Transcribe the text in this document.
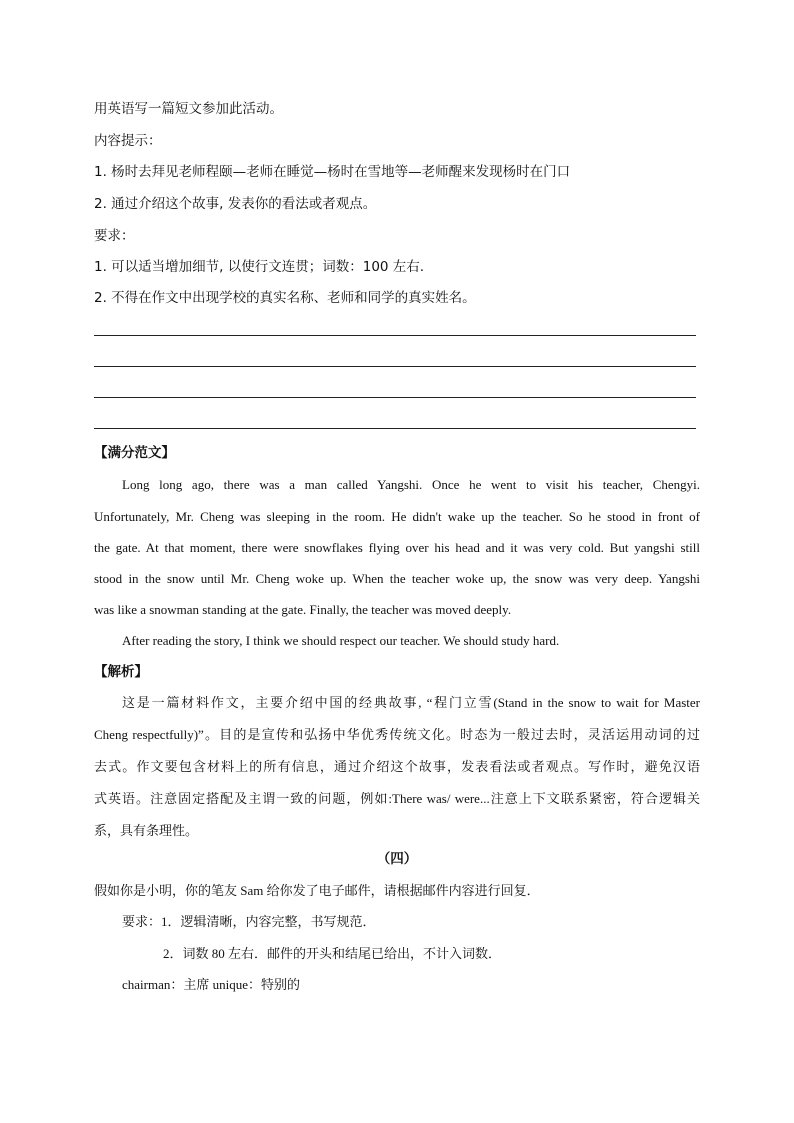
用英语写一篇短文参加此活动。

内容提示：

1. 杨时去拜见老师程颐—老师在睡觉—杨时在雪地等—老师醒来发现杨时在门口

2. 通过介绍这个故事, 发表你的看法或者观点。

要求：

1. 可以适当增加细节, 以使行文连贯；词数：100 左右.

2. 不得在作文中出现学校的真实名称、老师和同学的真实姓名。

【满分范文】

Long long ago, there was a man called Yangshi. Once he went to visit his teacher, Chengyi.

Unfortunately, Mr. Cheng was sleeping in the room. He didn't wake up the teacher. So he stood in front of

the gate. At that moment, there were snowflakes flying over his head and it was very cold. But yangshi still

stood in the snow until Mr. Cheng woke up. When the teacher woke up, the snow was very deep. Yangshi

was like a snowman standing at the gate. Finally, the teacher was moved deeply.

After reading the story, I think we should respect our teacher. We should study hard.

【解析】

这是一篇材料作文，主要介绍中国的经典故事, “程门立雪(Stand in the snow to wait for Master

Cheng respectfully)”。目的是宣传和弘扬中华优秀传统文化。时态为一般过去时，灵活运用动词的过

去式。作文要包含材料上的所有信息，通过介绍这个故事，发表看法或者观点。写作时，避免汉语

式英语。注意固定搭配及主谓一致的问题，例如:There was/ were...注意上下文联系紧密，符合逻辑关

系，具有条理性。

（四）

假如你是小明，你的笔友 Sam 给你发了电子邮件，请根据邮件内容进行回复．

要求：1．逻辑清晰，内容完整，书写规范．

2．词数 80 左右．邮件的开头和结尾已给出，不计入词数．

chairman：主席 unique：特别的
